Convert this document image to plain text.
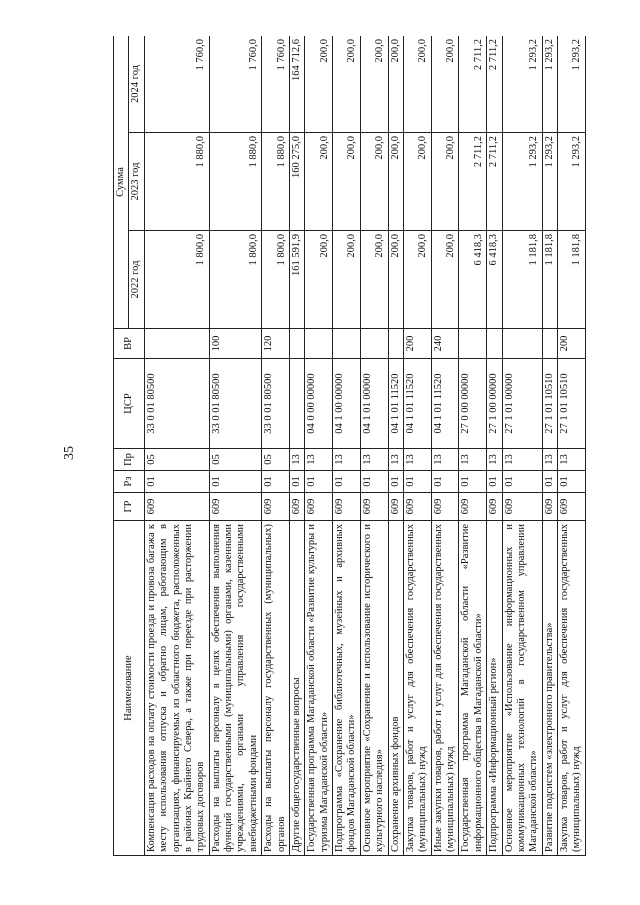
35
Наименование	ГР	Рз	Пр	ЦСР	ВР	Сумма		
						2022 год	2023 год	2024 год
Компенсация расходов на оплату стоимости проезда и провоза багажа к месту использования отпуска и обратно лицам, работающим в организациях, финансируемых из областного бюджета, расположенных в районах Крайнего Севера, а также при переезде при расторжении трудовых договоров	609	01	05	33 0 01 80500		1 800,0	1 880,0	1 760,0
Расходы на выплаты персоналу в целях обеспечения выполнения функций государственными (муниципальными) органами, казенными учреждениями, органами управления государственными внебюджетными фондами	609	01	05	33 0 01 80500	100	1 800,0	1 880,0	1 760,0
Расходы на выплаты персоналу государственных (муниципальных) органов	609	01	05	33 0 01 80500	120	1 800,0	1 880,0	1 760,0
Другие общегосударственные вопросы	609	01	13			161 591,9	160 275,0	164 712,6
Государственная программа Магаданской области «Развитие культуры и туризма Магаданской области»	609	01	13	04 0 00 00000		200,0	200,0	200,0
Подпрограмма «Сохранение библиотечных, музейных и архивных фондов Магаданской области»	609	01	13	04 1 00 00000		200,0	200,0	200,0
Основное мероприятие «Сохранение и использование исторического и культурного наследия»	609	01	13	04 1 01 00000		200,0	200,0	200,0
Сохранение архивных фондов	609	01	13	04 1 01 11520		200,0	200,0	200,0
Закупка товаров, работ и услуг для обеспечения государственных (муниципальных) нужд	609	01	13	04 1 01 11520	200	200,0	200,0	200,0
Иные закупки товаров, работ и услуг для обеспечения государственных (муниципальных) нужд	609	01	13	04 1 01 11520	240	200,0	200,0	200,0
Государственная программа Магаданской области «Развитие информационного общества в Магаданской области»	609	01	13	27 0 00 00000		6 418,3	2 711,2	2 711,2
Подпрограмма «Информационный регион»	609	01	13	27 1 00 00000		6 418,3	2 711,2	2 711,2
Основное мероприятие «Использование информационных и коммуникационных технологий в государственном управлении Магаданской области»	609	01	13	27 1 01 00000		1 181,8	1 293,2	1 293,2
Развитие подсистем «электронного правительства»	609	01	13	27 1 01 10510		1 181,8	1 293,2	1 293,2
Закупка товаров, работ и услуг для обеспечения государственных (муниципальных) нужд	609	01	13	27 1 01 10510	200	1 181,8	1 293,2	1 293,2
